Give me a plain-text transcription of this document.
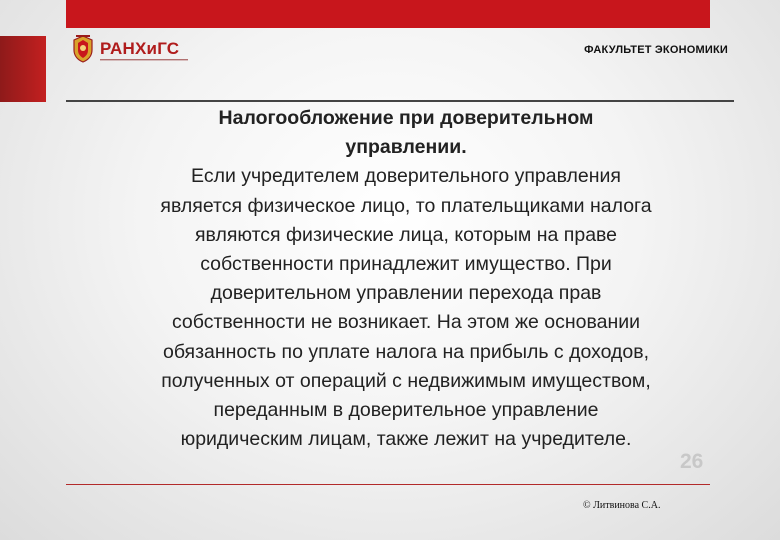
РАНХиГС	ФАКУЛЬТЕТ ЭКОНОМИКИ
Налогообложение при доверительном
управлении.
Если учредителем доверительного управления
является физическое лицо, то плательщиками налога
являются физические лица, которым на праве
собственности принадлежит имущество. При
доверительном управлении перехода прав
собственности не возникает. На этом же основании
обязанность по уплате налога на прибыль с доходов,
полученных от операций с недвижимым имуществом,
переданным в доверительное управление
юридическим лицам, также лежит на учредителе.
26
© Литвинова С.А.
